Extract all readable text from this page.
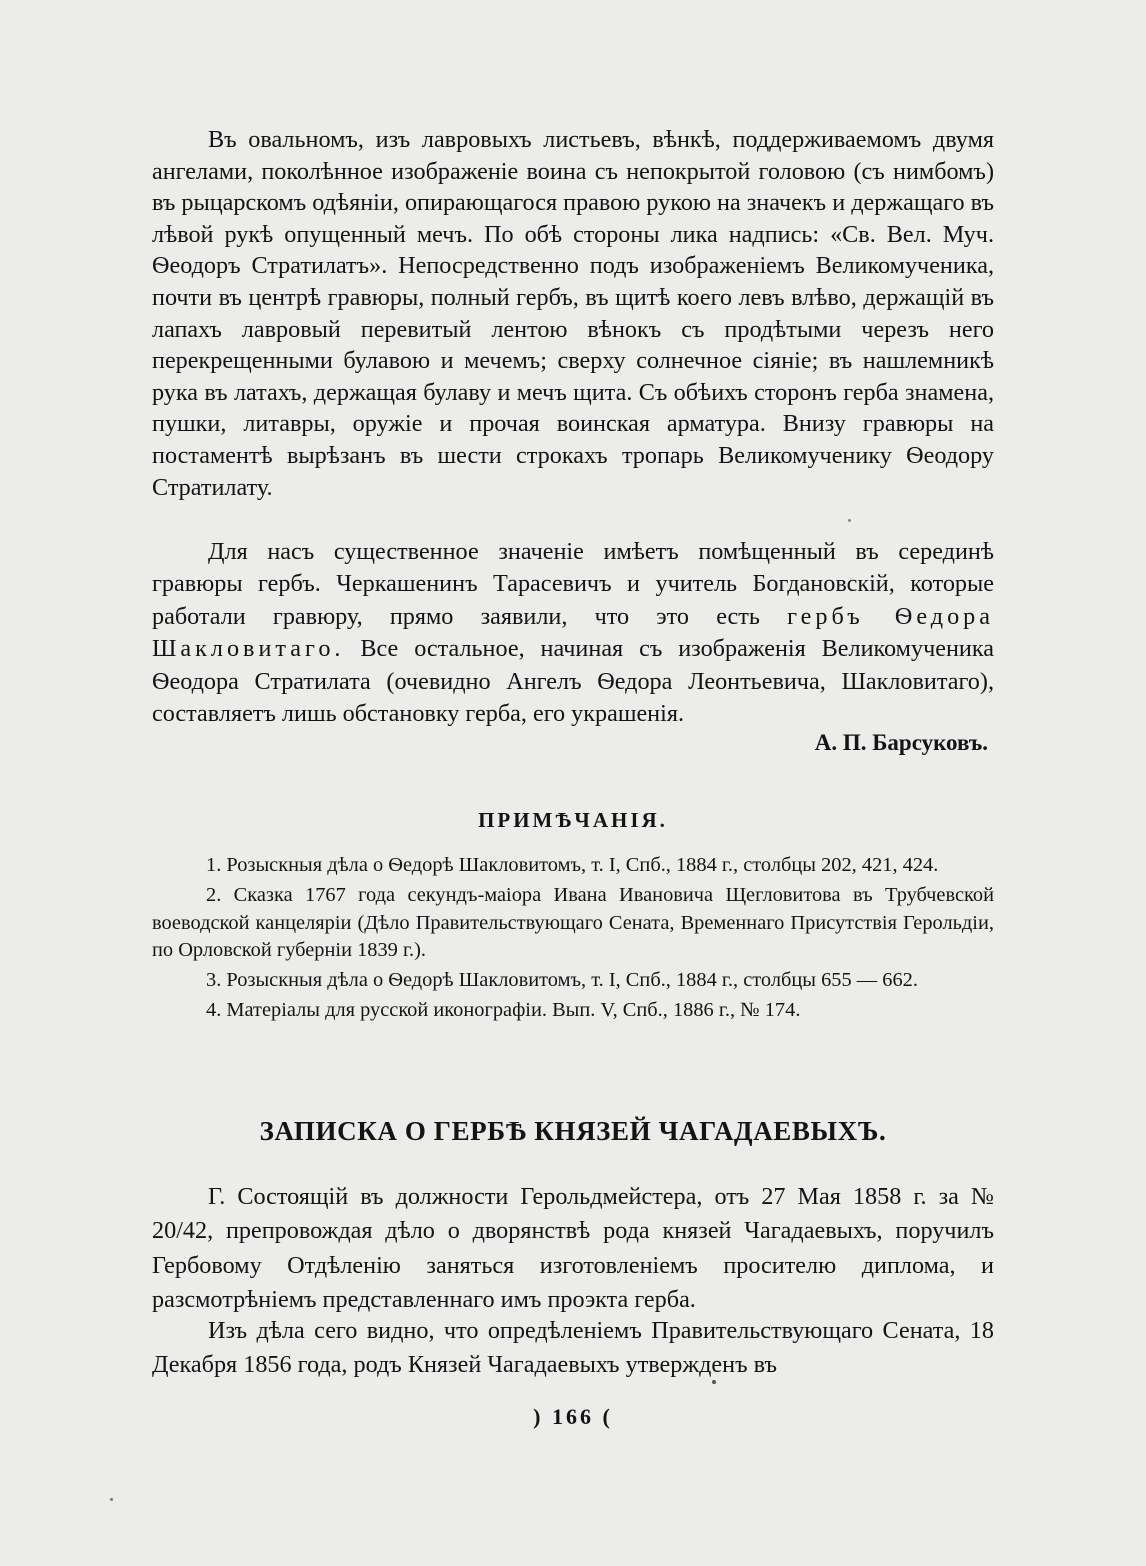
Въ овальномъ, изъ лавровыхъ листьевъ, вѣнкѣ, поддерживаемомъ двумя ангелами, поколѣнное изображеніе воина съ непокрытой головою (съ нимбомъ) въ рыцарскомъ одѣяніи, опирающагося правою рукою на значекъ и держащаго въ лѣвой рукѣ опущенный мечъ. По обѣ стороны лика надпись: «Св. Вел. Муч. Ѳеодоръ Стратилатъ». Непосредственно подъ изображеніемъ Великомученика, почти въ центрѣ гравюры, полный гербъ, въ щитѣ коего левъ влѣво, держащій въ лапахъ лавровый перевитый лентою вѣнокъ съ продѣтыми черезъ него перекрещенными булавою и мечемъ; сверху солнечное сіяніе; въ нашлемникѣ рука въ латахъ, держащая булаву и мечъ щита. Съ обѣихъ сторонъ герба знамена, пушки, литавры, оружіе и прочая воинская арматура. Внизу гравюры на постаментѣ вырѣзанъ въ шести строкахъ тропарь Великомученику Ѳеодору Стратилату.

Для насъ существенное значеніе имѣетъ помѣщенный въ серединѣ гравюры гербъ. Черкашенинъ Тарасевичъ и учитель Богдановскій, которые работали гравюру, прямо заявили, что это есть гербъ Ѳедора Шакловитаго. Все остальное, начиная съ изображенія Великомученика Ѳеодора Стратилата (очевидно Ангелъ Ѳедора Леонтьевича, Шакловитаго), составляетъ лишь обстановку герба, его украшенія.

А. П. Барсуковъ.

ПРИМѢЧАНІЯ.

1. Розыскныя дѣла о Ѳедорѣ Шакловитомъ, т. I, Спб., 1884 г., столбцы 202, 421, 424.
2. Сказка 1767 года секундъ-маіора Ивана Ивановича Щегловитова въ Трубчевской воеводской канцеляріи (Дѣло Правительствующаго Сената, Временнаго Присутствія Герольдіи, по Орловской губерніи 1839 г.).
3. Розыскныя дѣла о Ѳедорѣ Шакловитомъ, т. I, Спб., 1884 г., столбцы 655 — 662.
4. Матеріалы для русской иконографіи. Вып. V, Спб., 1886 г., № 174.

ЗАПИСКА О ГЕРБѢ КНЯЗЕЙ ЧАГАДАЕВЫХЪ.

Г. Состоящій въ должности Герольдмейстера, отъ 27 Мая 1858 г. за № 20/42, препровождая дѣло о дворянствѣ рода князей Чагадаевыхъ, поручилъ Гербовому Отдѣленію заняться изготовленіемъ просителю диплома, и разсмотрѣніемъ представленнаго имъ проэкта герба.

Изъ дѣла сего видно, что опредѣленіемъ Правительствующаго Сената, 18 Декабря 1856 года, родъ Князей Чагадаевыхъ утвержденъ въ

) 166 (
